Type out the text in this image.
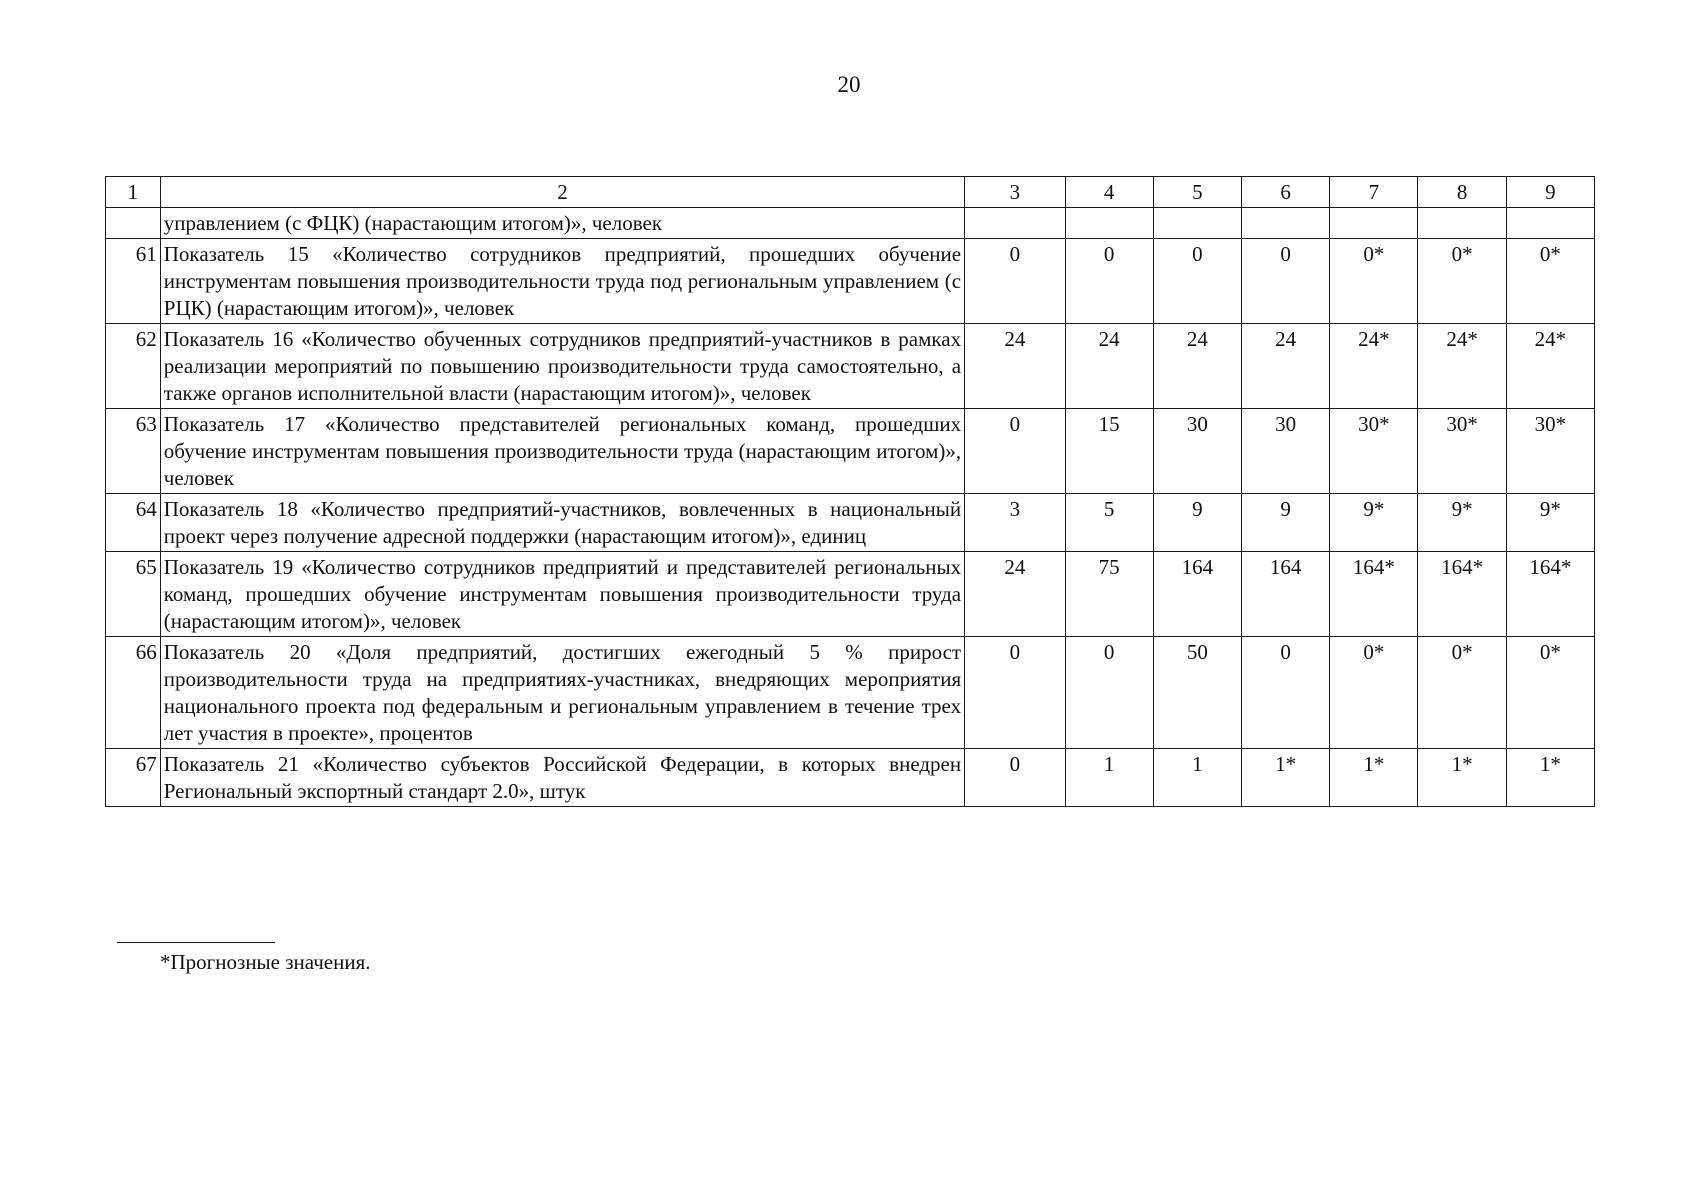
20
1	2	3	4	5	6	7	8	9
	управлением (с ФЦК) (нарастающим итогом)», человек							
61	Показатель 15 «Количество сотрудников предприятий, прошедших обучение инструментам повышения производительности труда под региональным управлением (с РЦК) (нарастающим итогом)», человек	0	0	0	0	0*	0*	0*
62	Показатель 16 «Количество обученных сотрудников предприятий-участников в рамках реализации мероприятий по повышению производительности труда самостоятельно, а также органов исполнительной власти (нарастающим итогом)», человек	24	24	24	24	24*	24*	24*
63	Показатель 17 «Количество представителей региональных команд, прошедших обучение инструментам повышения производительности труда (нарастающим итогом)», человек	0	15	30	30	30*	30*	30*
64	Показатель 18 «Количество предприятий-участников, вовлеченных в национальный проект через получение адресной поддержки (нарастающим итогом)», единиц	3	5	9	9	9*	9*	9*
65	Показатель 19 «Количество сотрудников предприятий и представителей региональных команд, прошедших обучение инструментам повышения производительности труда (нарастающим итогом)», человек	24	75	164	164	164*	164*	164*
66	Показатель 20 «Доля предприятий, достигших ежегодный 5 % прирост производительности труда на предприятиях-участниках, внедряющих мероприятия национального проекта под федеральным и региональным управлением в течение трех лет участия в проекте», процентов	0	0	50	0	0*	0*	0*
67	Показатель 21 «Количество субъектов Российской Федерации, в которых внедрен Региональный экспортный стандарт 2.0», штук	0	1	1	1*	1*	1*	1*
*Прогнозные значения.
